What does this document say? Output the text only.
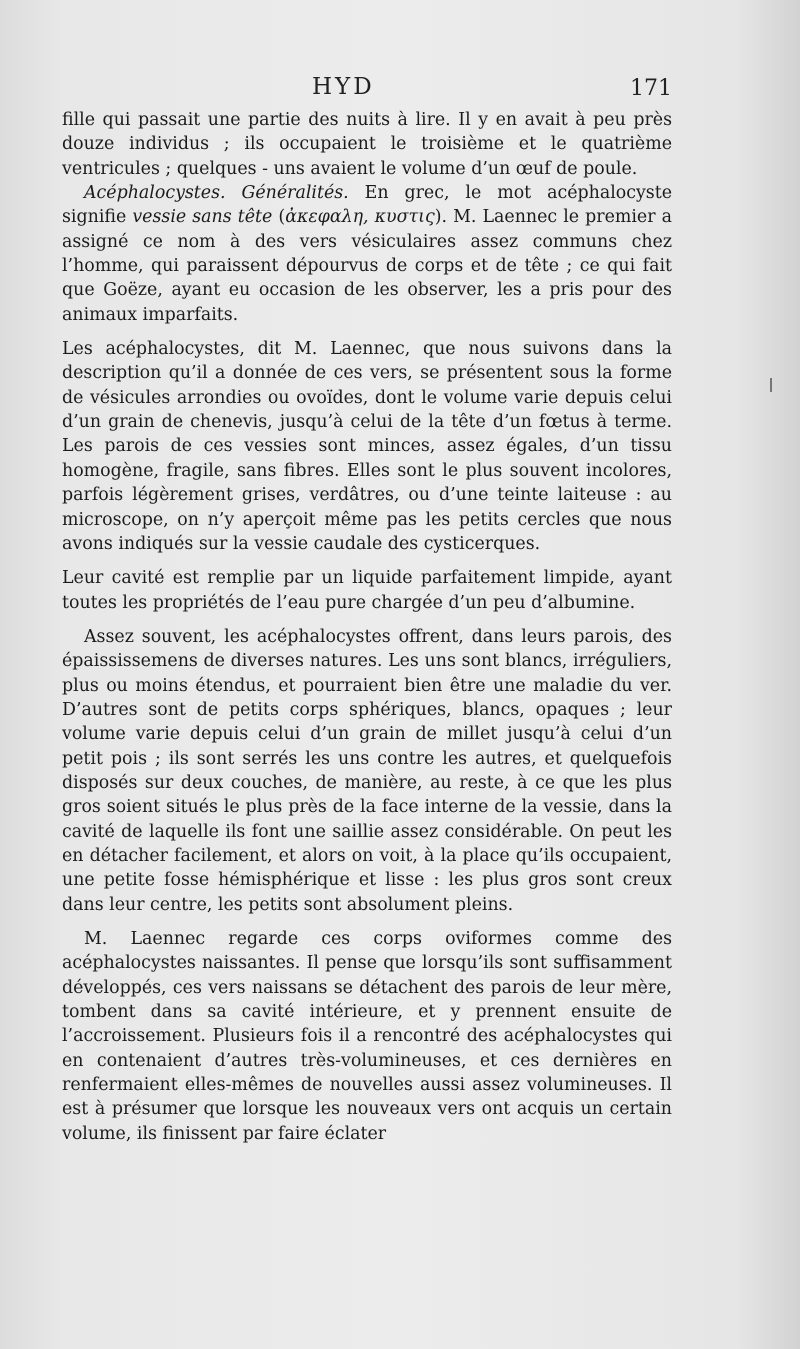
HYD	171

fille qui passait une partie des nuits à lire. Il y en avait à peu près douze individus ; ils occupaient le troisième et le quatrième ventricules ; quelques - uns avaient le volume d’un œuf de poule.

Acéphalocystes. Généralités. En grec, le mot acéphalocyste signifie vessie sans tête (ἀκεφαλη, κυστις). M. Laennec le premier a assigné ce nom à des vers vésiculaires assez communs chez l’homme, qui paraissent dépourvus de corps et de tête ; ce qui fait que Goëze, ayant eu occasion de les observer, les a pris pour des animaux imparfaits.

Les acéphalocystes, dit M. Laennec, que nous suivons dans la description qu’il a donnée de ces vers, se présentent sous la forme de vésicules arrondies ou ovoïdes, dont le volume varie depuis celui d’un grain de chenevis, jusqu’à celui de la tête d’un fœtus à terme. Les parois de ces vessies sont minces, assez égales, d’un tissu homogène, fragile, sans fibres. Elles sont le plus souvent incolores, parfois légèrement grises, verdâtres, ou d’une teinte laiteuse : au microscope, on n’y aperçoit même pas les petits cercles que nous avons indiqués sur la vessie caudale des cysticerques.

Leur cavité est remplie par un liquide parfaitement limpide, ayant toutes les propriétés de l’eau pure chargée d’un peu d’albumine.

Assez souvent, les acéphalocystes offrent, dans leurs parois, des épaississemens de diverses natures. Les uns sont blancs, irréguliers, plus ou moins étendus, et pourraient bien être une maladie du ver. D’autres sont de petits corps sphériques, blancs, opaques ; leur volume varie depuis celui d’un grain de millet jusqu’à celui d’un petit pois ; ils sont serrés les uns contre les autres, et quelquefois disposés sur deux couches, de manière, au reste, à ce que les plus gros soient situés le plus près de la face interne de la vessie, dans la cavité de laquelle ils font une saillie assez considérable. On peut les en détacher facilement, et alors on voit, à la place qu’ils occupaient, une petite fosse hémisphérique et lisse : les plus gros sont creux dans leur centre, les petits sont absolument pleins.

M. Laennec regarde ces corps oviformes comme des acéphalocystes naissantes. Il pense que lorsqu’ils sont suffisamment développés, ces vers naissans se détachent des parois de leur mère, tombent dans sa cavité intérieure, et y prennent ensuite de l’accroissement. Plusieurs fois il a rencontré des acéphalocystes qui en contenaient d’autres très-volumineuses, et ces dernières en renfermaient elles-mêmes de nouvelles aussi assez volumineuses. Il est à présumer que lorsque les nouveaux vers ont acquis un certain volume, ils finissent par faire éclater
